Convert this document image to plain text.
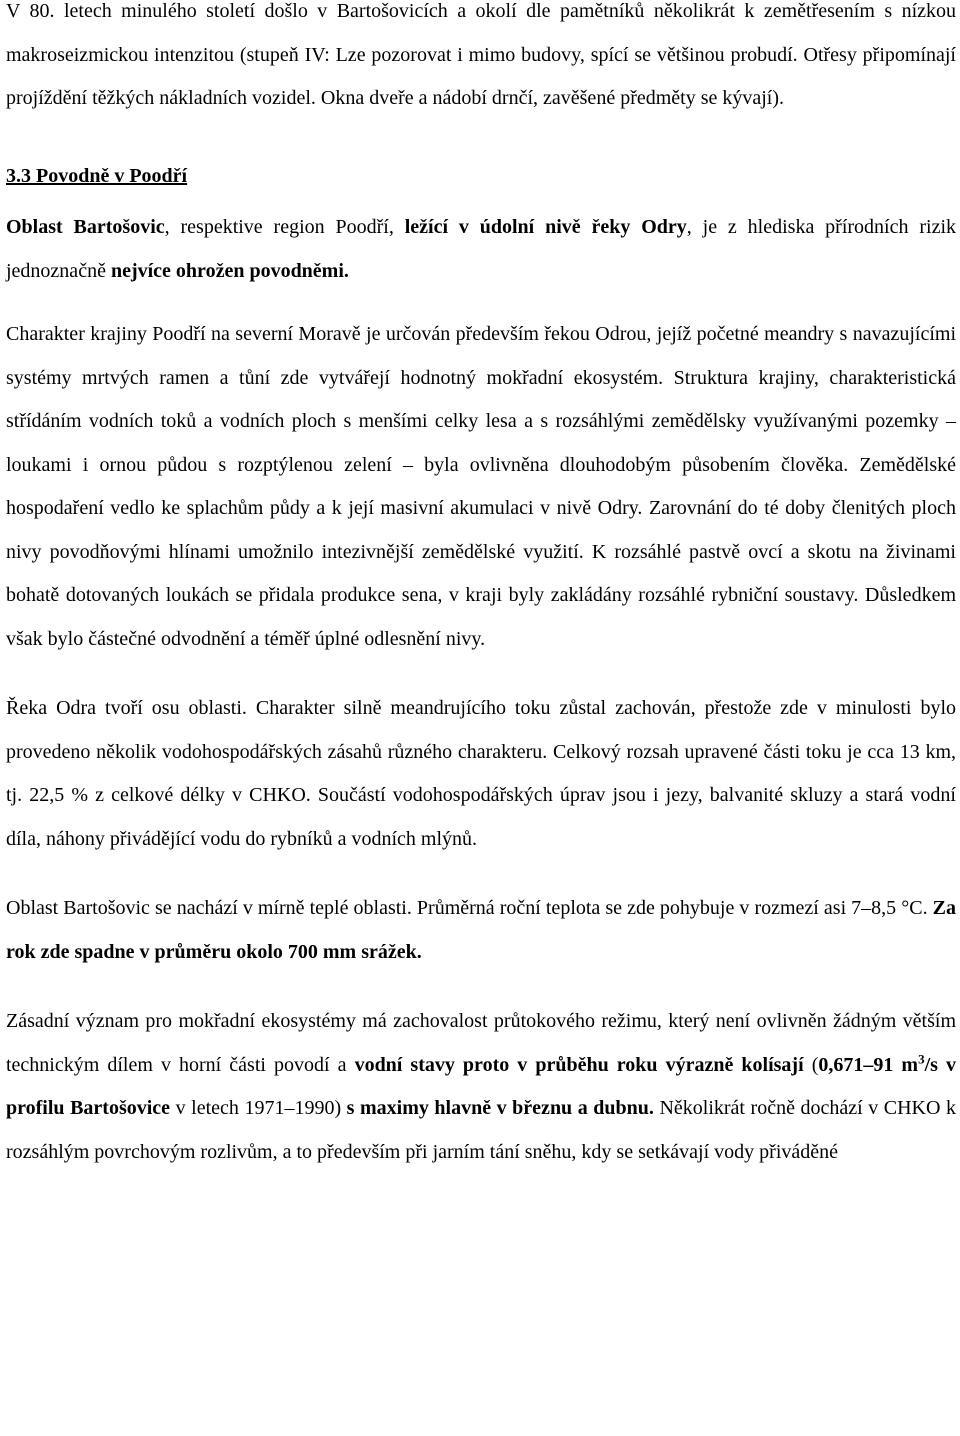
V 80. letech minulého století došlo v Bartošovicích a okolí dle pamětníků několikrát k zemětřesením s nízkou makroseizmickou intenzitou (stupeň IV: Lze pozorovat i mimo budovy, spící se většinou probudí. Otřesy připomínají projíždění těžkých nákladních vozidel. Okna dveře a nádobí drnčí, zavěšené předměty se kývají).

3.3 Povodně v Poodří

Oblast Bartošovic, respektive region Poodří, ležící v údolní nivě řeky Odry, je z hlediska přírodních rizik jednoznačně nejvíce ohrožen povodněmi.

Charakter krajiny Poodří na severní Moravě je určován především řekou Odrou, jejíž početné meandry s navazujícími systémy mrtvých ramen a tůní zde vytvářejí hodnotný mokřadní ekosystém. Struktura krajiny, charakteristická střídáním vodních toků a vodních ploch s menšími celky lesa a s rozsáhlými zemědělsky využívanými pozemky – loukami i ornou půdou s rozptýlenou zelení – byla ovlivněna dlouhodobým působením člověka. Zemědělské hospodaření vedlo ke splachům půdy a k její masivní akumulaci v nivě Odry. Zarovnání do té doby členitých ploch nivy povodňovými hlínami umožnilo intezivnější zemědělské využití. K rozsáhlé pastvě ovcí a skotu na živinami bohatě dotovaných loukách se přidala produkce sena, v kraji byly zakládány rozsáhlé rybniční soustavy. Důsledkem však bylo částečné odvodnění a téměř úplné odlesnění nivy.

Řeka Odra tvoří osu oblasti. Charakter silně meandrujícího toku zůstal zachován, přestože zde v minulosti bylo provedeno několik vodohospodářských zásahů různého charakteru. Celkový rozsah upravené části toku je cca 13 km, tj. 22,5 % z celkové délky v CHKO. Součástí vodohospodářských úprav jsou i jezy, balvanité skluzy a stará vodní díla, náhony přivádějící vodu do rybníků a vodních mlýnů.

Oblast Bartošovic se nachází v mírně teplé oblasti. Průměrná roční teplota se zde pohybuje v rozmezí asi 7–8,5 °C. Za rok zde spadne v průměru okolo 700 mm srážek.

Zásadní význam pro mokřadní ekosystémy má zachovalost průtokového režimu, který není ovlivněn žádným větším technickým dílem v horní části povodí a vodní stavy proto v průběhu roku výrazně kolísají (0,671–91 $m^3/s$ v profilu Bartošovice v letech 1971–1990) s maximy hlavně v březnu a dubnu. Několikrát ročně dochází v CHKO k rozsáhlým povrchovým rozlivům, a to především při jarním tání sněhu, kdy se setkávají vody přiváděné
